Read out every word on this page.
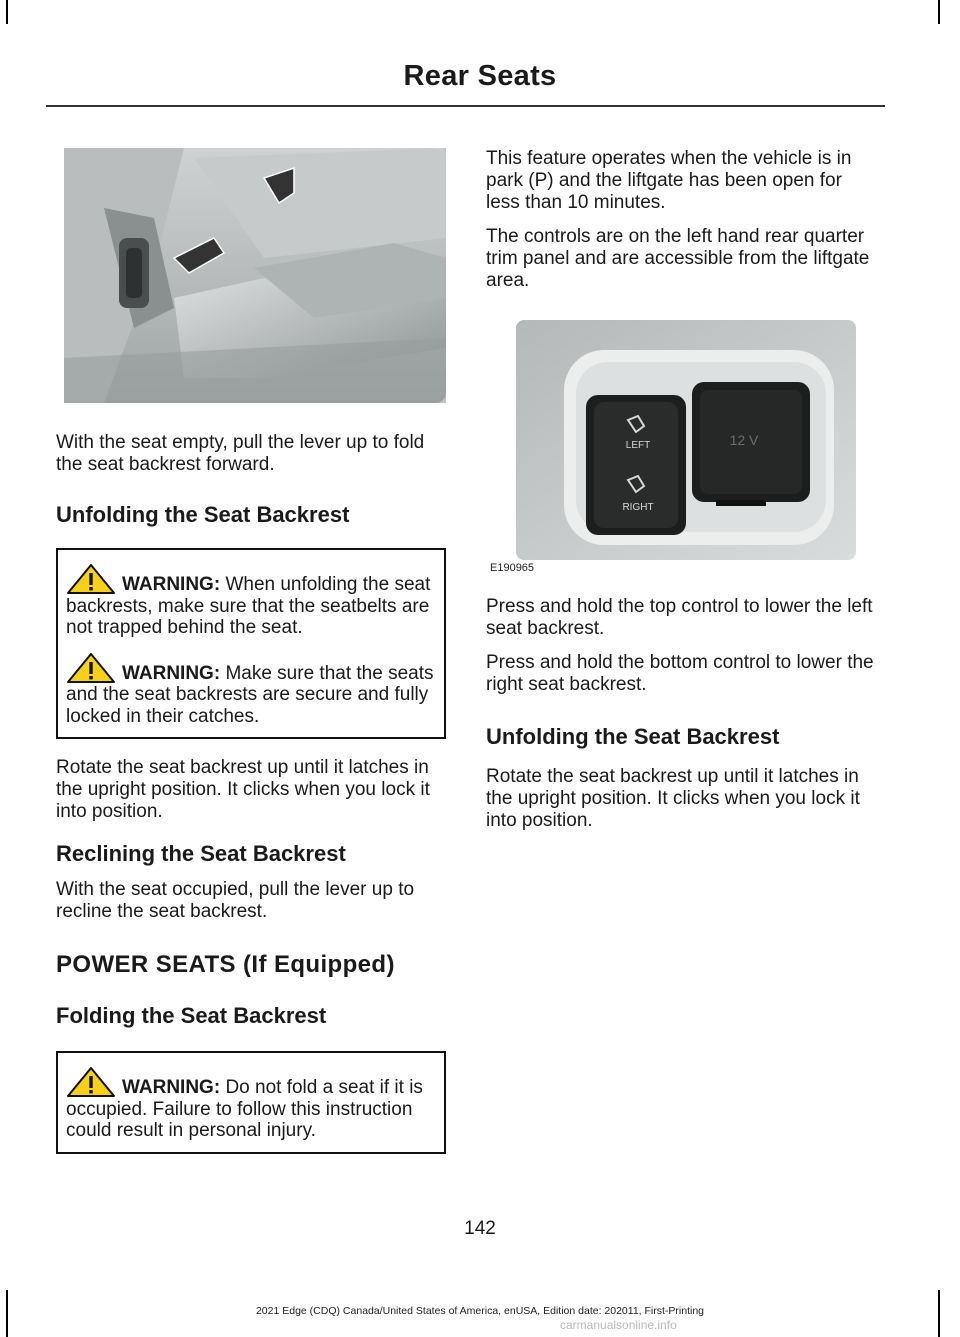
Rear Seats

With the seat empty, pull the lever up to fold the seat backrest forward.

Unfolding the Seat Backrest

WARNING: When unfolding the seat backrests, make sure that the seatbelts are not trapped behind the seat.

WARNING: Make sure that the seats and the seat backrests are secure and fully locked in their catches.

Rotate the seat backrest up until it latches in the upright position. It clicks when you lock it into position.

Reclining the Seat Backrest

With the seat occupied, pull the lever up to recline the seat backrest.

POWER SEATS (If Equipped)
Folding the Seat Backrest

WARNING: Do not fold a seat if it is occupied. Failure to follow this instruction could result in personal injury.

This feature operates when the vehicle is in park (P) and the liftgate has been open for less than 10 minutes.

The controls are on the left hand rear quarter trim panel and are accessible from the liftgate area.

LEFT
RIGHT
12 V
E190965

Press and hold the top control to lower the left seat backrest.

Press and hold the bottom control to lower the right seat backrest.

Unfolding the Seat Backrest

Rotate the seat backrest up until it latches in the upright position. It clicks when you lock it into position.

142
2021 Edge (CDQ) Canada/United States of America, enUSA, Edition date: 202011, First-Printing
carmanualsonline.info
